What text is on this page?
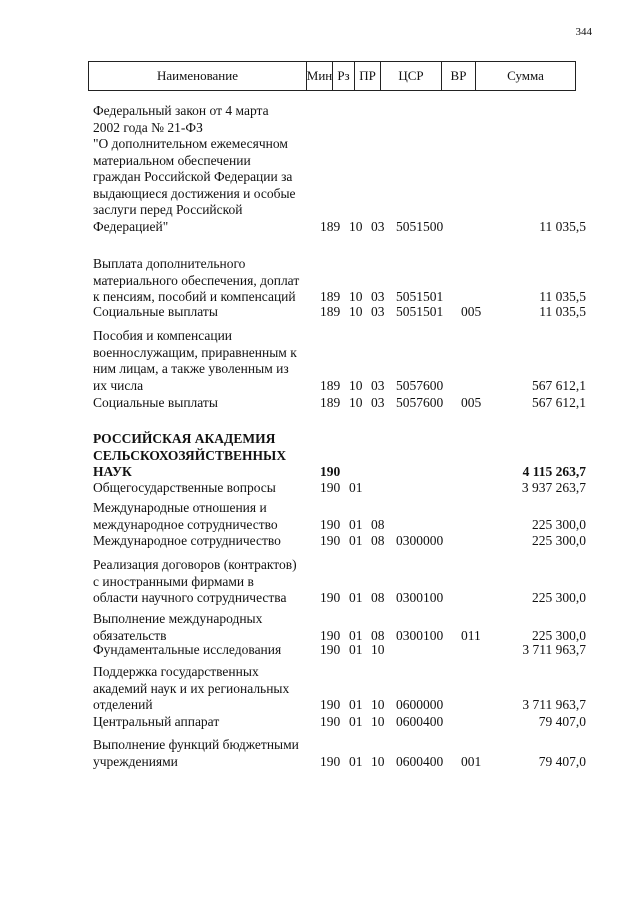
344
Наименование	Мин Рз ПР	ЦСР	ВР	Сумма
Федеральный закон от 4 марта
2002 года № 21-ФЗ
"О дополнительном ежемесячном
материальном обеспечении
граждан Российской Федерации за
выдающиеся достижения и особые
заслуги перед Российской
Федерацией"	189 10 03 5051500	11 035,5
Выплата дополнительного
материального обеспечения, доплат
к пенсиям, пособий и компенсаций	189 10 03 5051501	11 035,5
Социальные выплаты	189 10 03 5051501 005	11 035,5
Пособия и компенсации
военнослужащим, приравненным к
ним лицам, а также уволенным из
их числа	189 10 03 5057600	567 612,1
Социальные выплаты	189 10 03 5057600 005	567 612,1
РОССИЙСКАЯ АКАДЕМИЯ
СЕЛЬСКОХОЗЯЙСТВЕННЫХ
НАУК	190	4 115 263,7
Общегосударственные вопросы	190 01	3 937 263,7
Международные отношения и
международное сотрудничество	190 01 08	225 300,0
Международное сотрудничество	190 01 08 0300000	225 300,0
Реализация договоров (контрактов)
с иностранными фирмами в
области научного сотрудничества	190 01 08 0300100	225 300,0
Выполнение международных
обязательств	190 01 08 0300100 011	225 300,0
Фундаментальные исследования	190 01 10	3 711 963,7
Поддержка государственных
академий наук и их региональных
отделений	190 01 10 0600000	3 711 963,7
Центральный аппарат	190 01 10 0600400	79 407,0
Выполнение функций бюджетными
учреждениями	190 01 10 0600400 001	79 407,0
